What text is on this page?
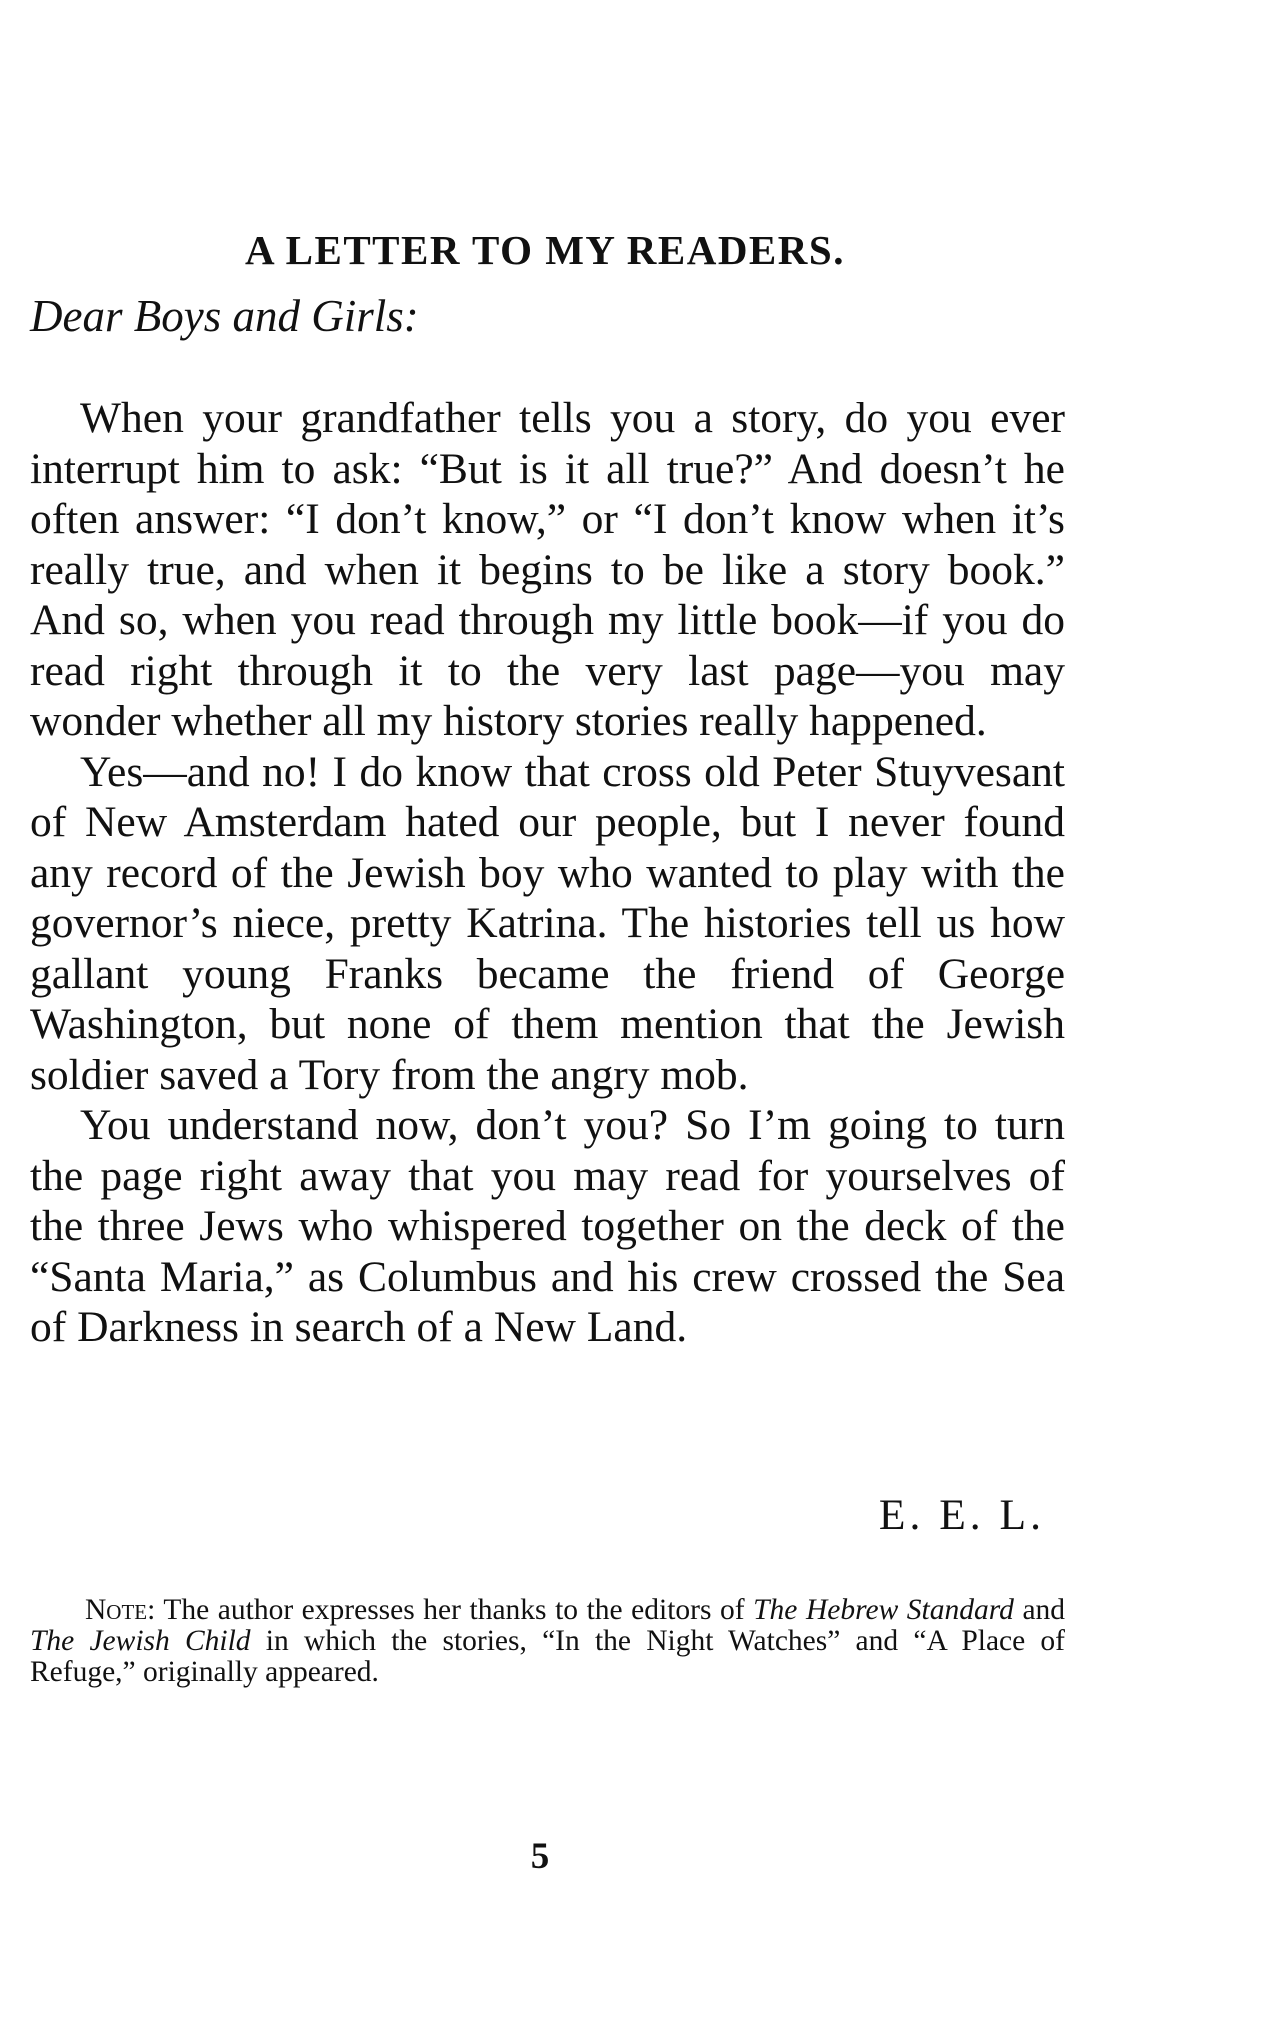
A LETTER TO MY READERS.

Dear Boys and Girls:

When your grandfather tells you a story, do you ever interrupt him to ask: “But is it all true?” And doesn’t he often answer: “I don’t know,” or “I don’t know when it’s really true, and when it begins to be like a story book.” And so, when you read through my little book—if you do read right through it to the very last page—you may wonder whether all my history stories really happened.

Yes—and no! I do know that cross old Peter Stuyvesant of New Amsterdam hated our people, but I never found any record of the Jewish boy who wanted to play with the governor’s niece, pretty Katrina. The histories tell us how gallant young Franks became the friend of George Washington, but none of them mention that the Jewish soldier saved a Tory from the angry mob.

You understand now, don’t you? So I’m going to turn the page right away that you may read for yourselves of the three Jews who whispered together on the deck of the “Santa Maria,” as Columbus and his crew crossed the Sea of Darkness in search of a New Land.

E. E. L.

Note: The author expresses her thanks to the editors of The Hebrew Standard and The Jewish Child in which the stories, “In the Night Watches” and “A Place of Refuge,” originally appeared.

5
